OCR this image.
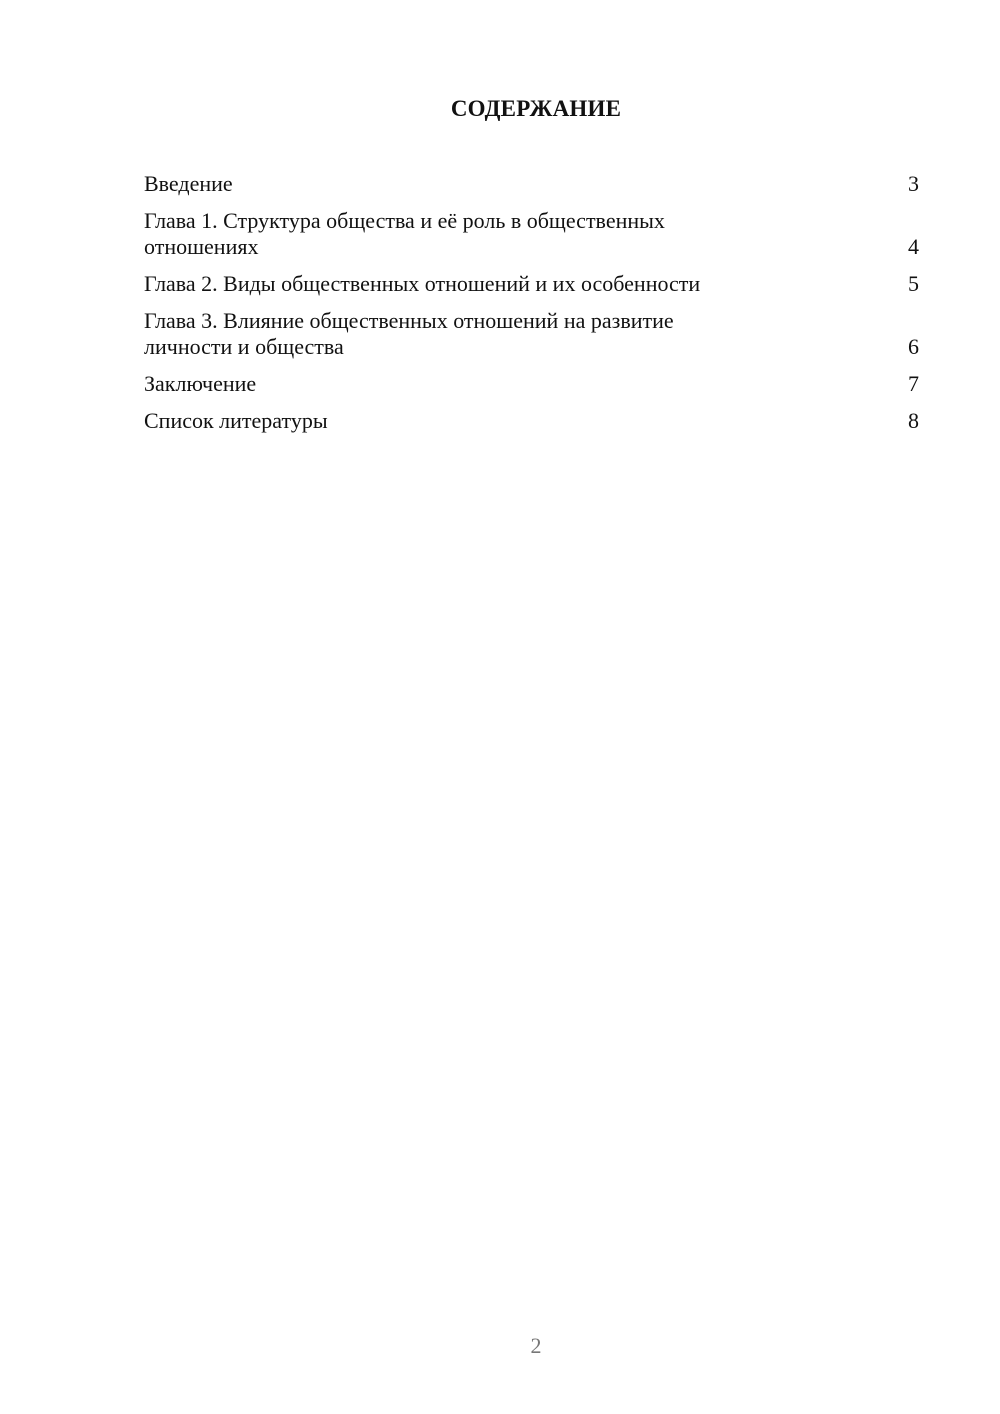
СОДЕРЖАНИЕ
Введение	3
Глава 1. Структура общества и её роль в общественных отношениях	4
Глава 2. Виды общественных отношений и их особенности	5
Глава 3. Влияние общественных отношений на развитие личности и общества	6
Заключение	7
Список литературы	8
2
